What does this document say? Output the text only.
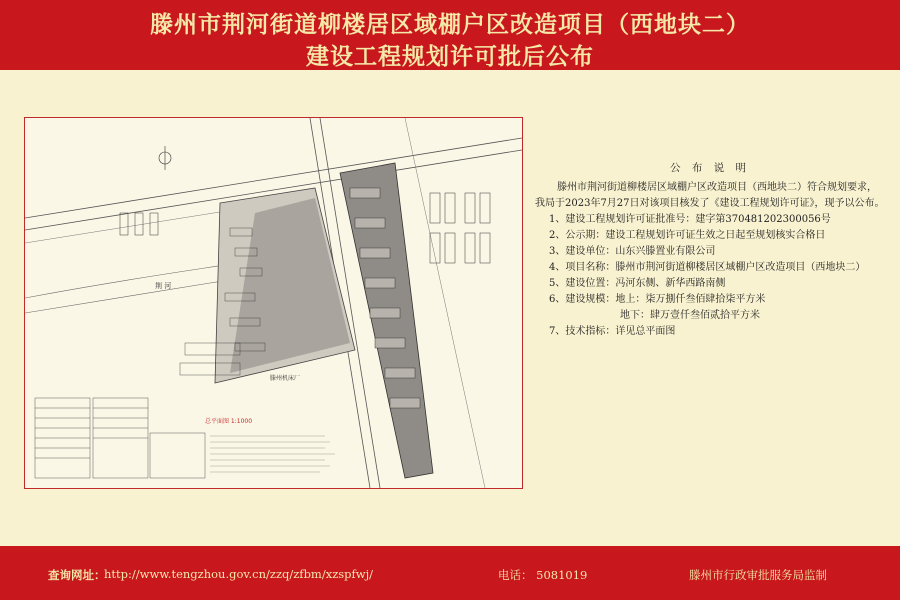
滕州市荆河街道柳楼居区域棚户区改造项目（西地块二）
建设工程规划许可批后公布
荆 河
滕州机床厂
总平面图 1:1000
公 布 说 明
滕州市荆河街道柳楼居区域棚户区改造项目（西地块二）符合规划要求，我局于2023年7月27日对该项目核发了《建设工程规划许可证》，现予以公布。
1、建设工程规划许可证批准号：建字第370481202300056号
2、公示期：建设工程规划许可证生效之日起至规划核实合格日
3、建设单位：山东兴滕置业有限公司
4、项目名称：滕州市荆河街道柳楼居区域棚户区改造项目（西地块二）
5、建设位置：冯河东侧、新华西路南侧
6、建设规模：地上：柒万捌仟叁佰肆拾柒平方米
地下：肆万壹仟叁佰贰拾平方米
7、技术指标：详见总平面图
查询网址：
http://www.tengzhou.gov.cn/zzq/zfbm/xzspfwj/	电话： 5081019	滕州市行政审批服务局监制
